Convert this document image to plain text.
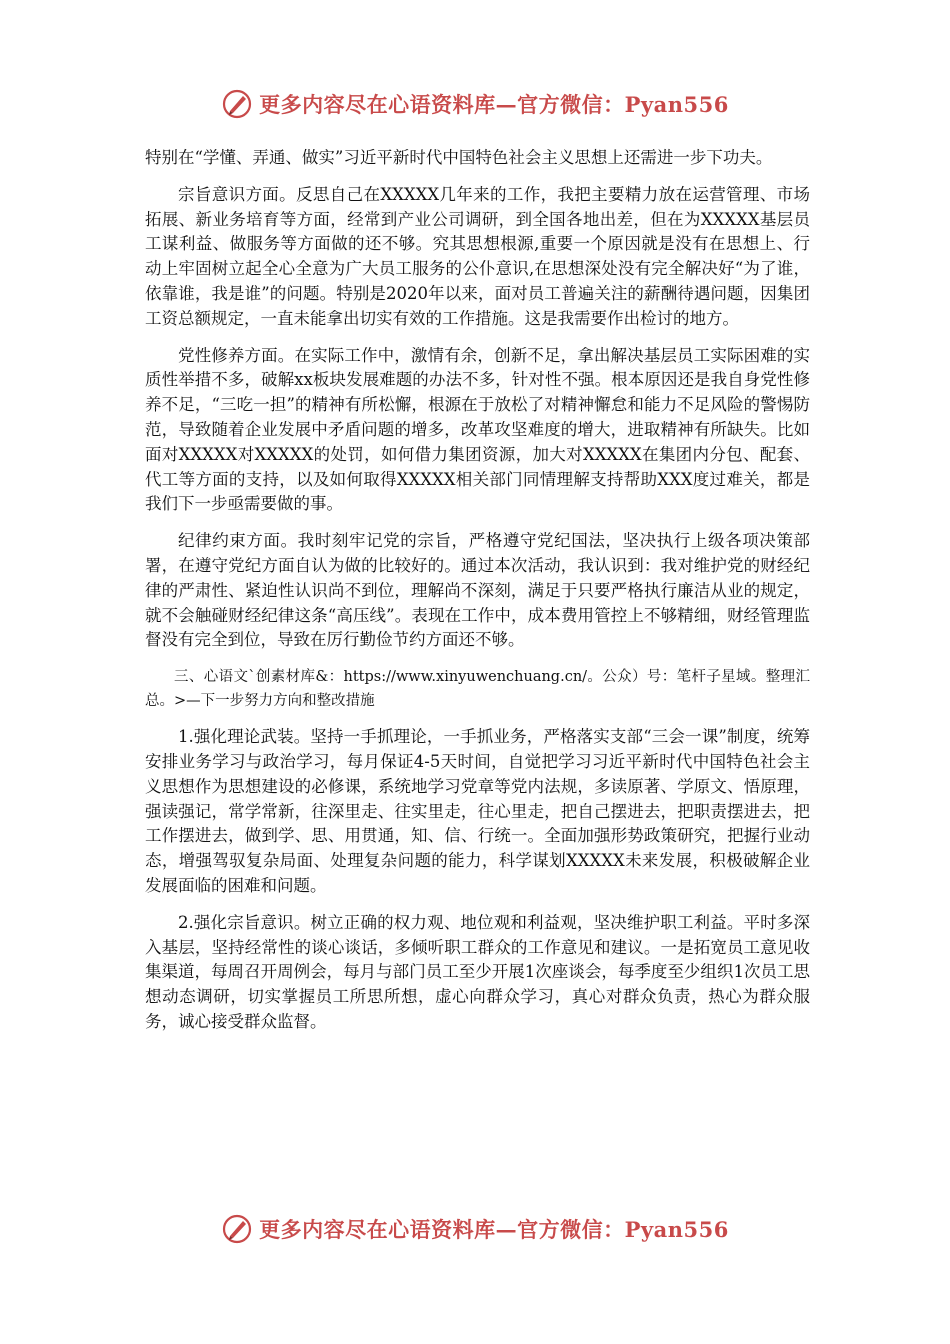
更多内容尽在心语资料库—官方微信：Pyan556

特别在“学懂、弄通、做实”习近平新时代中国特色社会主义思想上还需进一步下功夫。

宗旨意识方面。反思自己在XXXXX几年来的工作，我把主要精力放在运营管理、市场拓展、新业务培育等方面，经常到产业公司调研，到全国各地出差，但在为XXXXX基层员工谋利益、做服务等方面做的还不够。究其思想根源,重要一个原因就是没有在思想上、行动上牢固树立起全心全意为广大员工服务的公仆意识,在思想深处没有完全解决好“为了谁，依靠谁，我是谁”的问题。特别是2020年以来，面对员工普遍关注的薪酬待遇问题，因集团工资总额规定，一直未能拿出切实有效的工作措施。这是我需要作出检讨的地方。

党性修养方面。在实际工作中，激情有余，创新不足，拿出解决基层员工实际困难的实质性举措不多，破解xx板块发展难题的办法不多，针对性不强。根本原因还是我自身党性修养不足，“三吃一担”的精神有所松懈，根源在于放松了对精神懈怠和能力不足风险的警惕防范，导致随着企业发展中矛盾问题的增多，改革攻坚难度的增大，进取精神有所缺失。比如面对XXXXX对XXXXX的处罚，如何借力集团资源，加大对XXXXX在集团内分包、配套、代工等方面的支持，以及如何取得XXXXX相关部门同情理解支持帮助XXX度过难关，都是我们下一步亟需要做的事。

纪律约束方面。我时刻牢记党的宗旨，严格遵守党纪国法，坚决执行上级各项决策部署，在遵守党纪方面自认为做的比较好的。通过本次活动，我认识到：我对维护党的财经纪律的严肃性、紧迫性认识尚不到位，理解尚不深刻，满足于只要严格执行廉洁从业的规定，就不会触碰财经纪律这条“高压线”。表现在工作中，成本费用管控上不够精细，财经管理监督没有完全到位，导致在厉行勤俭节约方面还不够。

三、心语文`创素材库&：https://www.xinyuwenchuang.cn/。公众）号：笔杆子星域。整理汇总。>—下一步努力方向和整改措施

1.强化理论武装。坚持一手抓理论，一手抓业务，严格落实支部“三会一课”制度，统筹安排业务学习与政治学习，每月保证4-5天时间，自觉把学习习近平新时代中国特色社会主义思想作为思想建设的必修课，系统地学习党章等党内法规，多读原著、学原文、悟原理，强读强记，常学常新，往深里走、往实里走，往心里走，把自己摆进去，把职责摆进去，把工作摆进去，做到学、思、用贯通，知、信、行统一。全面加强形势政策研究，把握行业动态，增强驾驭复杂局面、处理复杂问题的能力，科学谋划XXXXX未来发展，积极破解企业发展面临的困难和问题。

2.强化宗旨意识。树立正确的权力观、地位观和利益观，坚决维护职工利益。平时多深入基层，坚持经常性的谈心谈话，多倾听职工群众的工作意见和建议。一是拓宽员工意见收集渠道，每周召开周例会，每月与部门员工至少开展1次座谈会，每季度至少组织1次员工思想动态调研，切实掌握员工所思所想，虚心向群众学习，真心对群众负责，热心为群众服务，诚心接受群众监督。

更多内容尽在心语资料库—官方微信：Pyan556
